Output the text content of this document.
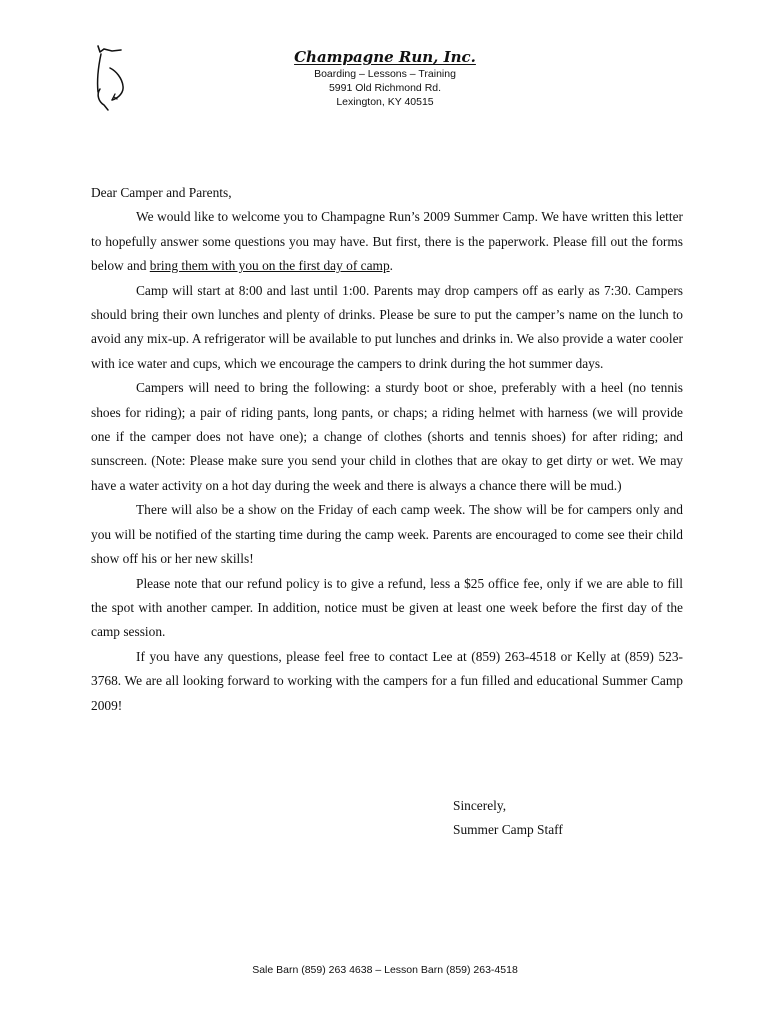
Champagne Run, Inc.
Boarding – Lessons – Training
5991 Old Richmond Rd.
Lexington, KY 40515

Dear Camper and Parents,

We would like to welcome you to Champagne Run’s 2009 Summer Camp. We have written this letter to hopefully answer some questions you may have. But first, there is the paperwork. Please fill out the forms below and bring them with you on the first day of camp.

Camp will start at 8:00 and last until 1:00. Parents may drop campers off as early as 7:30. Campers should bring their own lunches and plenty of drinks. Please be sure to put the camper’s name on the lunch to avoid any mix-up. A refrigerator will be available to put lunches and drinks in. We also provide a water cooler with ice water and cups, which we encourage the campers to drink during the hot summer days.

Campers will need to bring the following: a sturdy boot or shoe, preferably with a heel (no tennis shoes for riding); a pair of riding pants, long pants, or chaps; a riding helmet with harness (we will provide one if the camper does not have one); a change of clothes (shorts and tennis shoes) for after riding; and sunscreen. (Note: Please make sure you send your child in clothes that are okay to get dirty or wet. We may have a water activity on a hot day during the week and there is always a chance there will be mud.)

There will also be a show on the Friday of each camp week. The show will be for campers only and you will be notified of the starting time during the camp week. Parents are encouraged to come see their child show off his or her new skills!

Please note that our refund policy is to give a refund, less a $25 office fee, only if we are able to fill the spot with another camper. In addition, notice must be given at least one week before the first day of the camp session.

If you have any questions, please feel free to contact Lee at (859) 263-4518 or Kelly at (859) 523-3768. We are all looking forward to working with the campers for a fun filled and educational Summer Camp 2009!

Sincerely,
Summer Camp Staff
Sale Barn (859) 263 4638 – Lesson Barn (859) 263-4518
